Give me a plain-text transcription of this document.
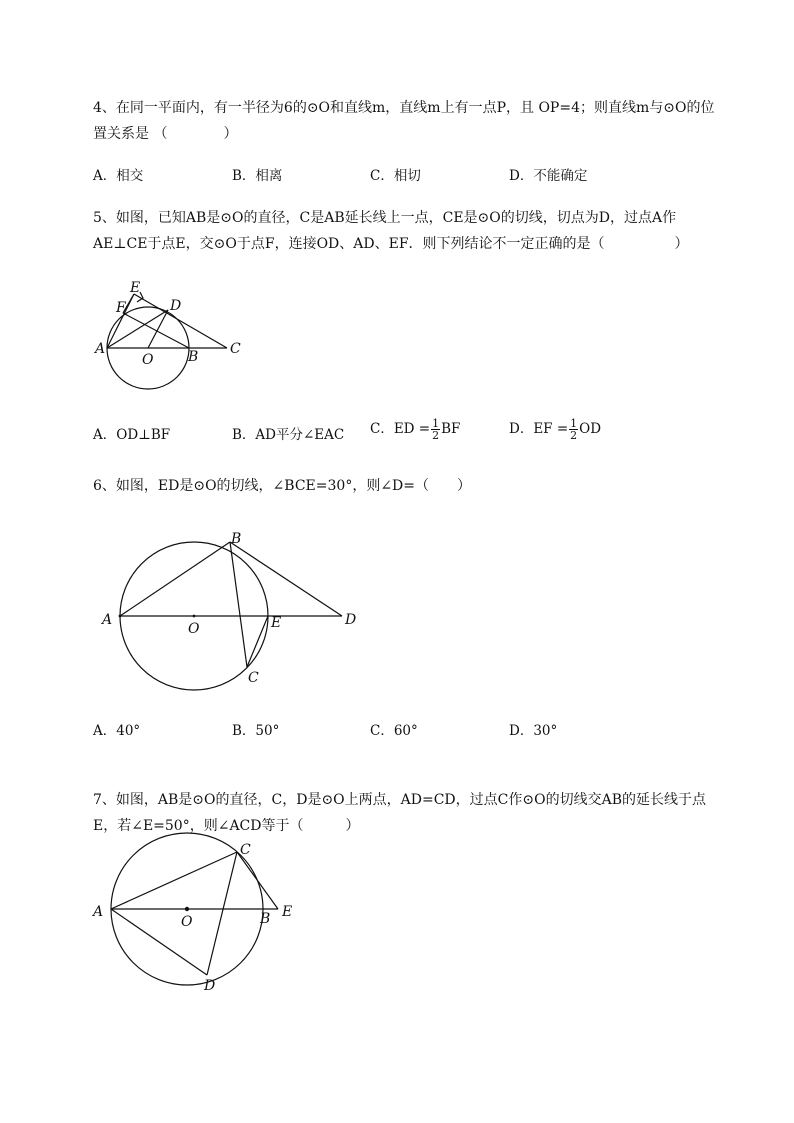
4、在同一平面内，有一半径为6的⊙O和直线m，直线m上有一点P，且 OP=4；则直线m与⊙O的位
置关系是 （　　　　）
A．相交	B．相离	C．相切	D．不能确定
5、如图，已知AB是⊙O的直径，C是AB延长线上一点，CE是⊙O的切线，切点为D，过点A作
AE⊥CE于点E，交⊙O于点F，连接OD、AD、EF．则下列结论不一定正确的是（　　　　　）
E
F	D
A
O B C
A．OD⊥BF	B．AD平分∠EAC C．ED = $\frac{1}{2}$ BF	D．EF = $\frac{1}{2}$ OD
6、如图，ED是⊙O的切线，∠BCE=30°，则∠D=（　　）
A
B
O	E	D
C
A．40°	B．50°	C．60°	D．30°
7、如图，AB是⊙O的直径，C，D是⊙O上两点，AD=CD，过点C作⊙O的切线交AB的延长线于点
E，若∠E=50°，则∠ACD等于（　　　）
A
C
O	B E
D
